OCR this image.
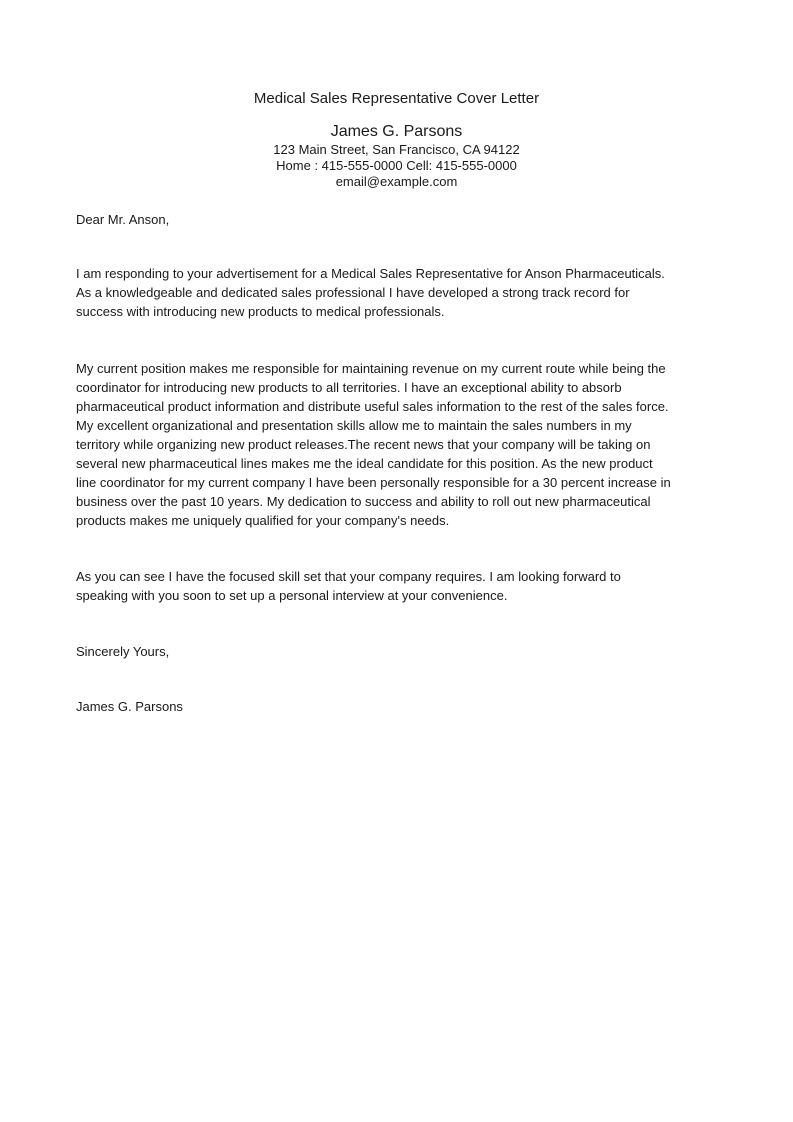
Medical Sales Representative Cover Letter
James G. Parsons
123 Main Street, San Francisco, CA 94122
Home : 415-555-0000 Cell: 415-555-0000
email@example.com
Dear Mr. Anson,
I am responding to your advertisement for a Medical Sales Representative for Anson Pharmaceuticals.
As a knowledgeable and dedicated sales professional I have developed a strong track record for
success with introducing new products to medical professionals.
My current position makes me responsible for maintaining revenue on my current route while being the
coordinator for introducing new products to all territories. I have an exceptional ability to absorb
pharmaceutical product information and distribute useful sales information to the rest of the sales force.
My excellent organizational and presentation skills allow me to maintain the sales numbers in my
territory while organizing new product releases.The recent news that your company will be taking on
several new pharmaceutical lines makes me the ideal candidate for this position. As the new product
line coordinator for my current company I have been personally responsible for a 30 percent increase in
business over the past 10 years. My dedication to success and ability to roll out new pharmaceutical
products makes me uniquely qualified for your company's needs.
As you can see I have the focused skill set that your company requires. I am looking forward to
speaking with you soon to set up a personal interview at your convenience.
Sincerely Yours,
James G. Parsons
